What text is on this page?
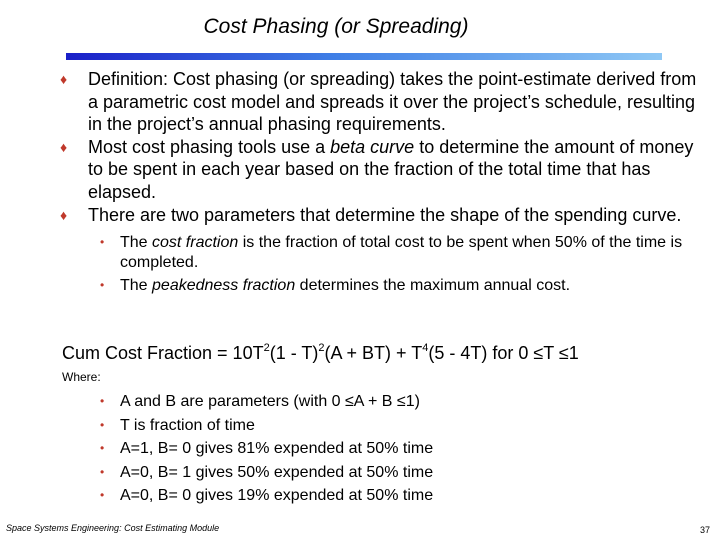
Cost Phasing (or Spreading)
♦ Definition: Cost phasing (or spreading) takes the point-estimate derived from a parametric cost model and spreads it over the project’s schedule, resulting in the project’s annual phasing requirements.
♦ Most cost phasing tools use a beta curve to determine the amount of money to be spent in each year based on the fraction of the total time that has elapsed.
♦ There are two parameters that determine the shape of the spending curve.
• The cost fraction is the fraction of total cost to be spent when 50% of the time is completed.
• The peakedness fraction determines the maximum annual cost.
Cum Cost Fraction = $10T^2(1 - T)^2(A + BT) + T^4(5 - 4T)$ for 0 ≤T ≤1
Where:
• A and B are parameters (with 0 ≤A + B ≤1)
• T is fraction of time
• A=1, B= 0 gives 81% expended at 50% time
• A=0, B= 1 gives 50% expended at 50% time
• A=0, B= 0 gives 19% expended at 50% time
Space Systems Engineering: Cost Estimating Module	37
